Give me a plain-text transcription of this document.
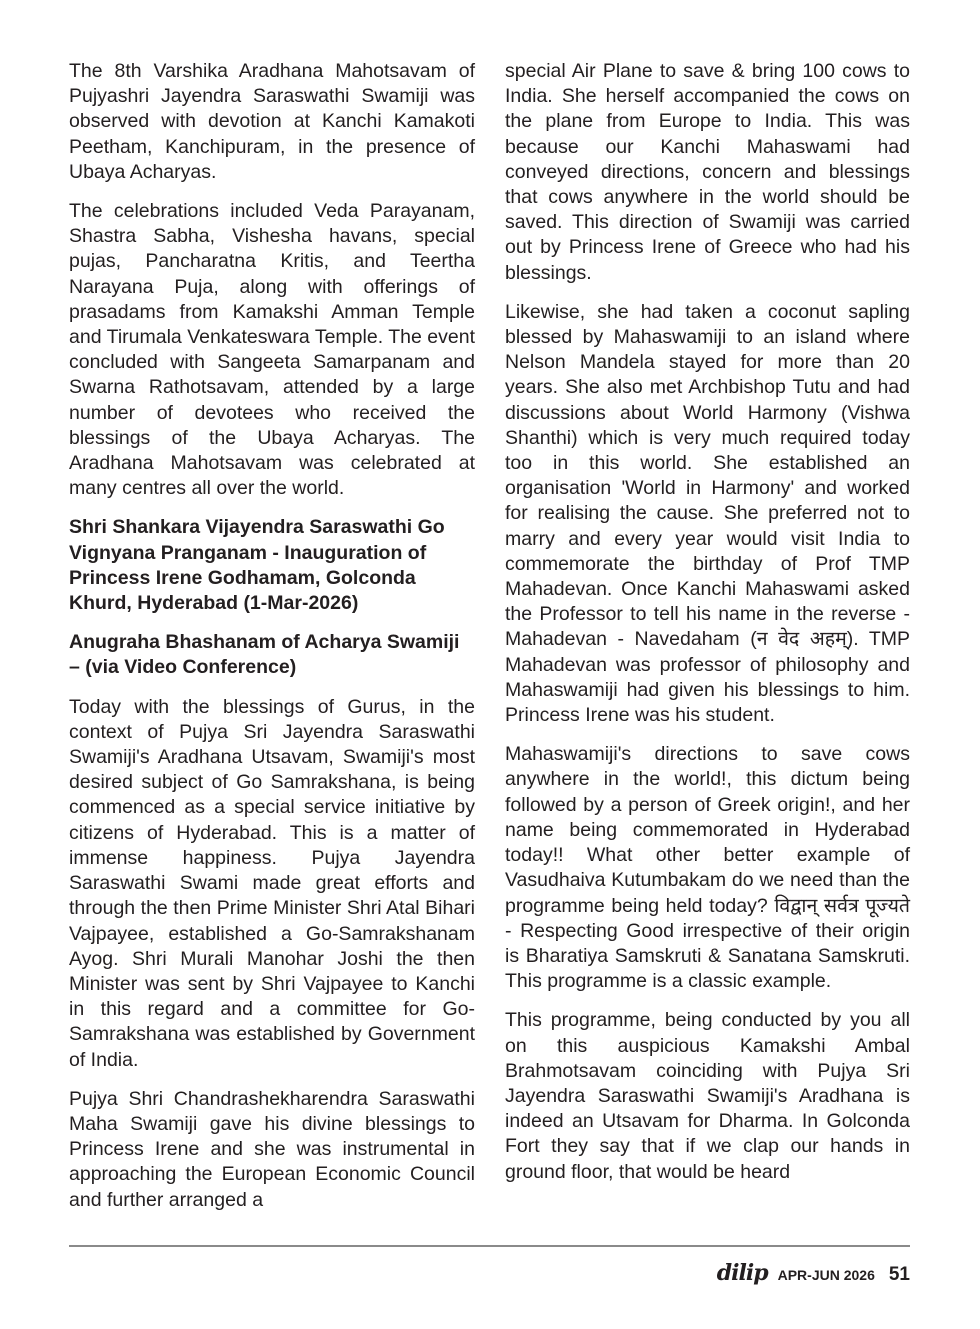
The 8th Varshika Aradhana Mahotsavam of Pujyashri Jayendra Saraswathi Swamiji was observed with devotion at Kanchi Kamakoti Peetham, Kanchipuram, in the presence of Ubaya Acharyas.

The celebrations included Veda Parayanam, Shastra Sabha, Vishesha havans, special pujas, Pancharatna Kritis, and Teertha Narayana Puja, along with offerings of prasadams from Kamakshi Amman Temple and Tirumala Venkateswara Temple. The event concluded with Sangeeta Samarpanam and Swarna Rathotsavam, attended by a large number of devotees who received the blessings of the Ubaya Acharyas. The Aradhana Mahotsavam was celebrated at many centres all over the world.

Shri Shankara Vijayendra Saraswathi Go Vignyana Pranganam - Inauguration of Princess Irene Godhamam, Golconda Khurd, Hyderabad (1-Mar-2026)

Anugraha Bhashanam of Acharya Swamiji – (via Video Conference)

Today with the blessings of Gurus, in the context of Pujya Sri Jayendra Saraswathi Swamiji's Aradhana Utsavam, Swamiji's most desired subject of Go Samrakshana, is being commenced as a special service initiative by citizens of Hyderabad. This is a matter of immense happiness. Pujya Jayendra Saraswathi Swami made great efforts and through the then Prime Minister Shri Atal Bihari Vajpayee, established a Go-Samrakshanam Ayog. Shri Murali Manohar Joshi the then Minister was sent by Shri Vajpayee to Kanchi in this regard and a committee for Go-Samrakshana was established by Government of India.

Pujya Shri Chandrashekharendra Saraswathi Maha Swamiji gave his divine blessings to Princess Irene and she was instrumental in approaching the European Economic Council and further arranged a

special Air Plane to save & bring 100 cows to India. She herself accompanied the cows on the plane from Europe to India. This was because our Kanchi Mahaswami had conveyed directions, concern and blessings that cows anywhere in the world should be saved. This direction of Swamiji was carried out by Princess Irene of Greece who had his blessings.

Likewise, she had taken a coconut sapling blessed by Mahaswamiji to an island where Nelson Mandela stayed for more than 20 years. She also met Archbishop Tutu and had discussions about World Harmony (Vishwa Shanthi) which is very much required today too in this world. She established an organisation 'World in Harmony' and worked for realising the cause. She preferred not to marry and every year would visit India to commemorate the birthday of Prof TMP Mahadevan. Once Kanchi Mahaswami asked the Professor to tell his name in the reverse -Mahadevan - Navedaham (न वेद अहम्). TMP Mahadevan was professor of philosophy and Mahaswamiji had given his blessings to him. Princess Irene was his student.

Mahaswamiji's directions to save cows anywhere in the world!, this dictum being followed by a person of Greek origin!, and her name being commemorated in Hyderabad today!! What other better example of Vasudhaiva Kutumbakam do we need than the programme being held today? विद्वान् सर्वत्र पूज्यते - Respecting Good irrespective of their origin is Bharatiya Samskruti & Sanatana Samskruti. This programme is a classic example.

This programme, being conducted by you all on this auspicious Kamakshi Ambal Brahmotsavam coinciding with Pujya Sri Jayendra Saraswathi Swamiji's Aradhana is indeed an Utsavam for Dharma. In Golconda Fort they say that if we clap our hands in ground floor, that would be heard

dilip APR-JUN 2026 51
